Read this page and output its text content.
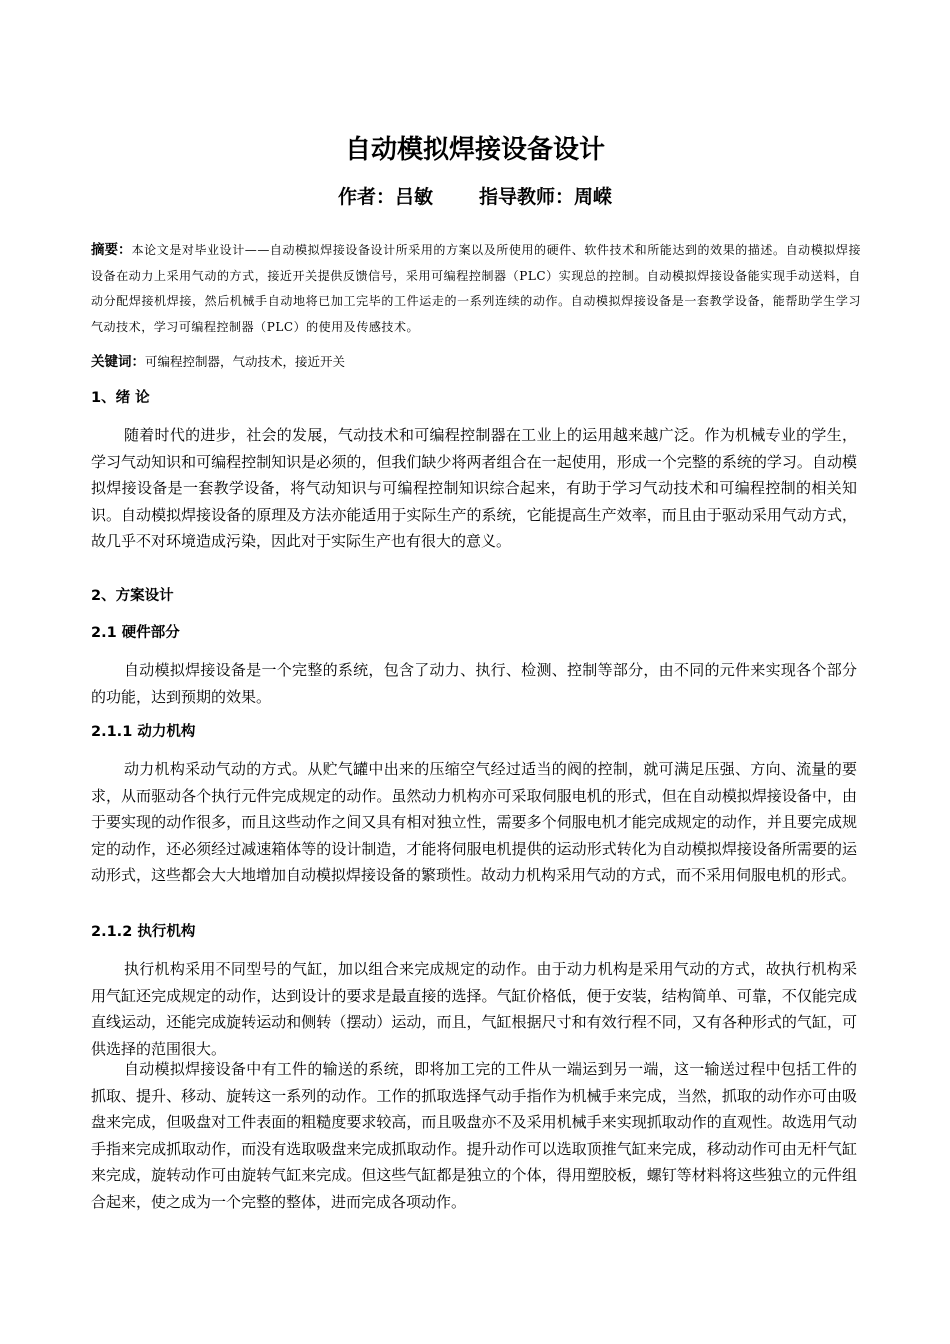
自动模拟焊接设备设计
作者：吕敏 指导教师：周嵘
摘要：本论文是对毕业设计——自动模拟焊接设备设计所采用的方案以及所使用的硬件、软件技术和所能达到的效果的描述。自动模拟焊接设备在动力上采用气动的方式，接近开关提供反馈信号，采用可编程控制器（PLC）实现总的控制。自动模拟焊接设备能实现手动送料，自动分配焊接机焊接，然后机械手自动地将已加工完毕的工件运走的一系列连续的动作。自动模拟焊接设备是一套教学设备，能帮助学生学习气动技术，学习可编程控制器（PLC）的使用及传感技术。
关键词：可编程控制器，气动技术，接近开关
1、绪 论

随着时代的进步，社会的发展，气动技术和可编程控制器在工业上的运用越来越广泛。作为机械专业的学生，学习气动知识和可编程控制知识是必须的，但我们缺少将两者组合在一起使用，形成一个完整的系统的学习。自动模拟焊接设备是一套教学设备，将气动知识与可编程控制知识综合起来，有助于学习气动技术和可编程控制的相关知识。自动模拟焊接设备的原理及方法亦能适用于实际生产的系统，它能提高生产效率，而且由于驱动采用气动方式，故几乎不对环境造成污染，因此对于实际生产也有很大的意义。

2、方案设计
2.1 硬件部分

自动模拟焊接设备是一个完整的系统，包含了动力、执行、检测、控制等部分，由不同的元件来实现各个部分的功能，达到预期的效果。

2.1.1 动力机构

动力机构采动气动的方式。从贮气罐中出来的压缩空气经过适当的阀的控制，就可满足压强、方向、流量的要求，从而驱动各个执行元件完成规定的动作。虽然动力机构亦可采取伺服电机的形式，但在自动模拟焊接设备中，由于要实现的动作很多，而且这些动作之间又具有相对独立性，需要多个伺服电机才能完成规定的动作，并且要完成规定的动作，还必须经过减速箱体等的设计制造，才能将伺服电机提供的运动形式转化为自动模拟焊接设备所需要的运动形式，这些都会大大地增加自动模拟焊接设备的繁琐性。故动力机构采用气动的方式，而不采用伺服电机的形式。

2.1.2 执行机构

执行机构采用不同型号的气缸，加以组合来完成规定的动作。由于动力机构是采用气动的方式，故执行机构采用气缸还完成规定的动作，达到设计的要求是最直接的选择。气缸价格低，便于安装，结构简单、可靠，不仅能完成直线运动，还能完成旋转运动和侧转（摆动）运动，而且，气缸根据尺寸和有效行程不同，又有各种形式的气缸，可供选择的范围很大。

自动模拟焊接设备中有工件的输送的系统，即将加工完的工件从一端运到另一端，这一输送过程中包括工件的抓取、提升、移动、旋转这一系列的动作。工作的抓取选择气动手指作为机械手来完成，当然，抓取的动作亦可由吸盘来完成，但吸盘对工件表面的粗糙度要求较高，而且吸盘亦不及采用机械手来实现抓取动作的直观性。故选用气动手指来完成抓取动作，而没有选取吸盘来完成抓取动作。提升动作可以选取顶推气缸来完成，移动动作可由无杆气缸来完成，旋转动作可由旋转气缸来完成。但这些气缸都是独立的个体，得用塑胶板，螺钉等材料将这些独立的元件组合起来，使之成为一个完整的整体，进而完成各项动作。
